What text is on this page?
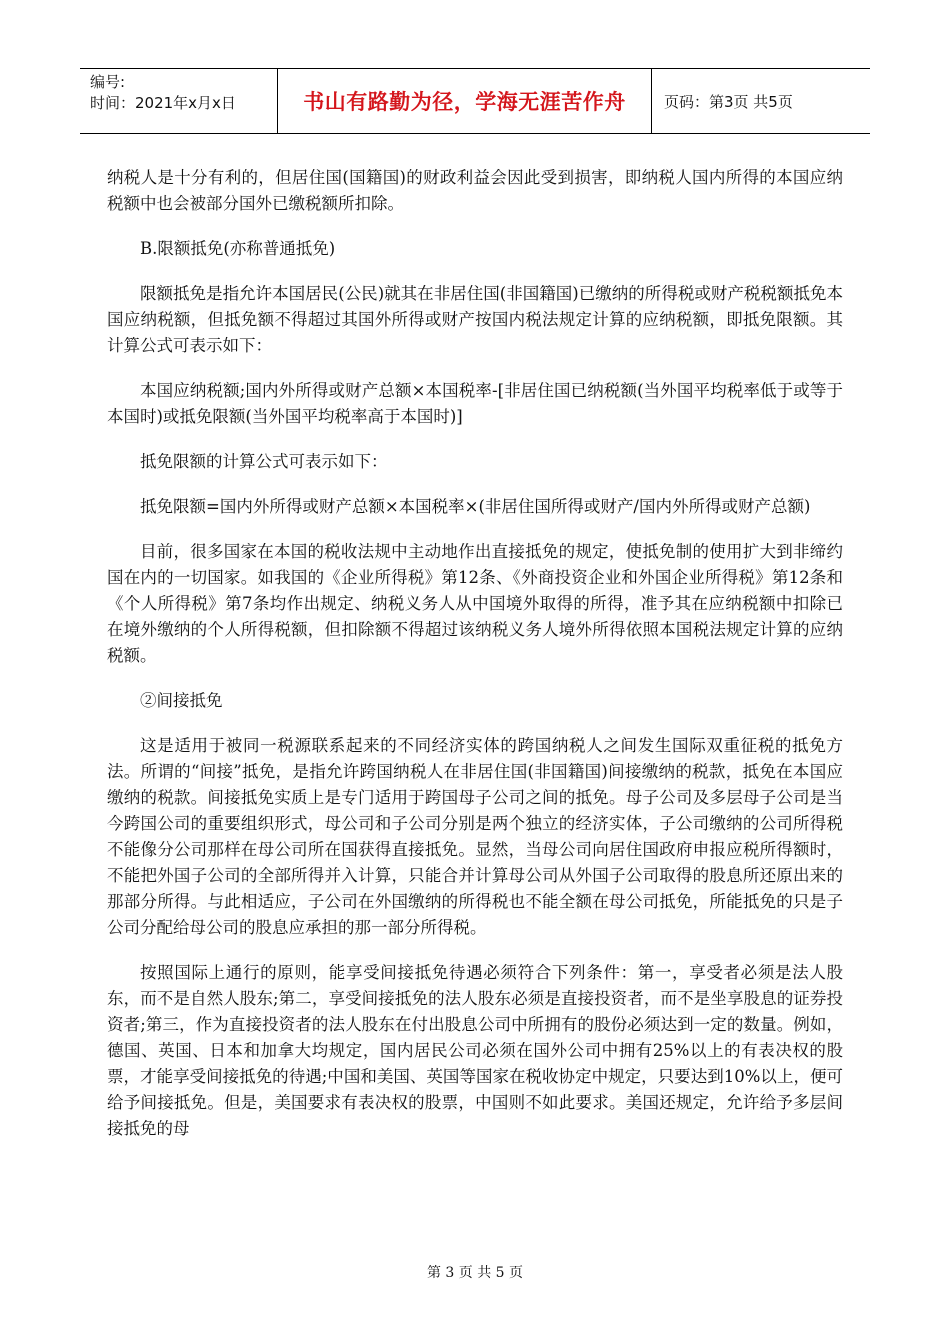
编号:
时间：2021年x月x日	书山有路勤为径，学海无涯苦作舟	页码：第3页 共5页

纳税人是十分有利的，但居住国(国籍国)的财政利益会因此受到损害，即纳税人国内所得的本国应纳税额中也会被部分国外已缴税额所扣除。

B.限额抵免(亦称普通抵免)

限额抵免是指允许本国居民(公民)就其在非居住国(非国籍国)已缴纳的所得税或财产税税额抵免本国应纳税额，但抵免额不得超过其国外所得或财产按国内税法规定计算的应纳税额，即抵免限额。其计算公式可表示如下：

本国应纳税额;国内外所得或财产总额×本国税率-[非居住国已纳税额(当外国平均税率低于或等于本国时)或抵免限额(当外国平均税率高于本国时)]

抵免限额的计算公式可表示如下：

抵免限额=国内外所得或财产总额×本国税率×(非居住国所得或财产/国内外所得或财产总额)

目前，很多国家在本国的税收法规中主动地作出直接抵免的规定，使抵免制的使用扩大到非缔约国在内的一切国家。如我国的《企业所得税》第12条、《外商投资企业和外国企业所得税》第12条和《个人所得税》第7条均作出规定、纳税义务人从中国境外取得的所得，准予其在应纳税额中扣除已在境外缴纳的个人所得税额，但扣除额不得超过该纳税义务人境外所得依照本国税法规定计算的应纳税额。

②间接抵免

这是适用于被同一税源联系起来的不同经济实体的跨国纳税人之间发生国际双重征税的抵免方法。所谓的“间接”抵免，是指允许跨国纳税人在非居住国(非国籍国)间接缴纳的税款，抵免在本国应缴纳的税款。间接抵免实质上是专门适用于跨国母子公司之间的抵免。母子公司及多层母子公司是当今跨国公司的重要组织形式，母公司和子公司分别是两个独立的经济实体，子公司缴纳的公司所得税不能像分公司那样在母公司所在国获得直接抵免。显然，当母公司向居住国政府申报应税所得额时，不能把外国子公司的全部所得并入计算，只能合并计算母公司从外国子公司取得的股息所还原出来的那部分所得。与此相适应，子公司在外国缴纳的所得税也不能全额在母公司抵免，所能抵免的只是子公司分配给母公司的股息应承担的那一部分所得税。

按照国际上通行的原则，能享受间接抵免待遇必须符合下列条件：第一，享受者必须是法人股东，而不是自然人股东;第二，享受间接抵免的法人股东必须是直接投资者，而不是坐享股息的证券投资者;第三，作为直接投资者的法人股东在付出股息公司中所拥有的股份必须达到一定的数量。例如，德国、英国、日本和加拿大均规定，国内居民公司必须在国外公司中拥有25%以上的有表决权的股票，才能享受间接抵免的待遇;中国和美国、英国等国家在税收协定中规定，只要达到10%以上，便可给予间接抵免。但是，美国要求有表决权的股票，中国则不如此要求。美国还规定，允许给予多层间接抵免的母

第 3 页 共 5 页
